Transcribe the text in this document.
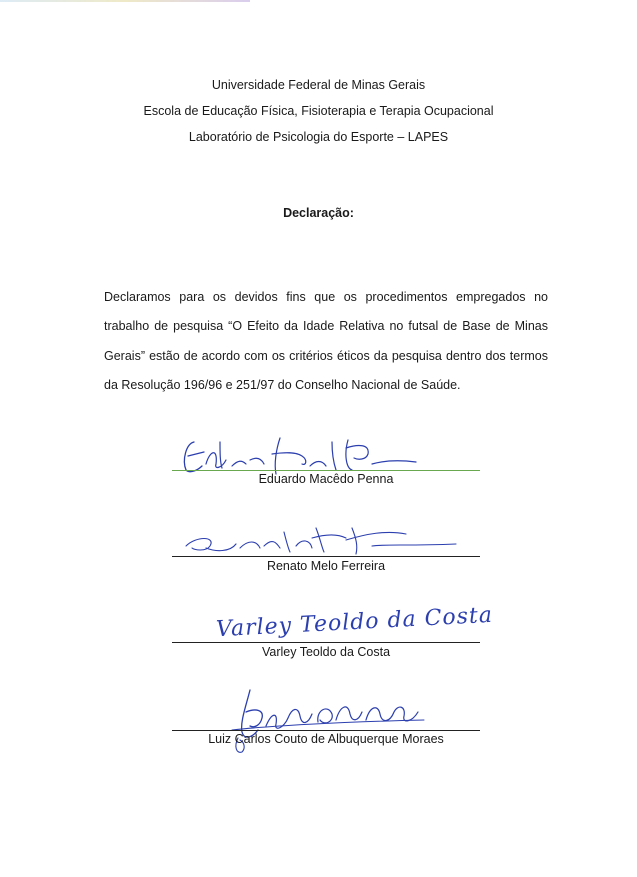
Universidade Federal de Minas Gerais
Escola de Educação Física, Fisioterapia e Terapia Ocupacional
Laboratório de Psicologia do Esporte – LAPES
Declaração:
Declaramos para os devidos fins que os procedimentos empregados no trabalho de pesquisa “O Efeito da Idade Relativa no futsal de Base de Minas Gerais” estão de acordo com os critérios éticos da pesquisa dentro dos termos da Resolução 196/96 e 251/97 do Conselho Nacional de Saúde.
Eduardo Macêdo Penna
Renato Melo Ferreira
Varley Teoldo da Costa
Varley Teoldo da Costa
Luiz Carlos Couto de Albuquerque Moraes
